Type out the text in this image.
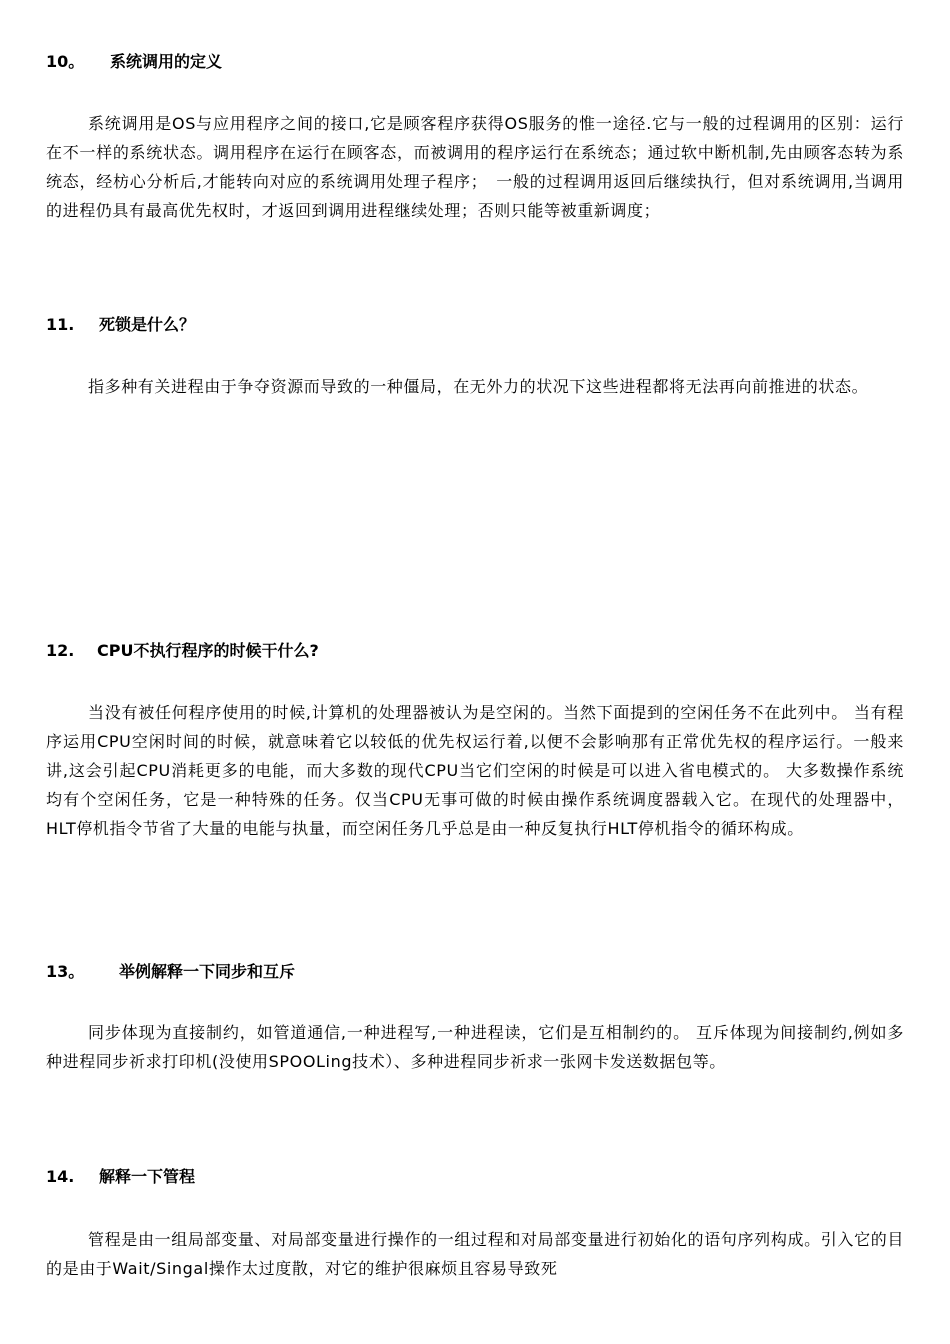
10。 系统调用的定义
系统调用是OS与应用程序之间的接口,它是顾客程序获得OS服务的惟一途径.它与一般的过程调用的区别：运行在不一样的系统状态。调用程序在运行在顾客态，而被调用的程序运行在系统态；通过软中断机制,先由顾客态转为系统态，经枋心分析后,才能转向对应的系统调用处理子程序；　一般的过程调用返回后继续执行，但对系统调用,当调用的进程仍具有最高优先权时，才返回到调用进程继续处理；否则只能等被重新调度；
11. 死锁是什么？
指多种有关进程由于争夺资源而导致的一种僵局，在无外力的状况下这些进程都将无法再向前推进的状态。
12. CPU不执行程序的时候干什么?
当没有被任何程序使用的时候,计算机的处理器被认为是空闲的。当然下面提到的空闲任务不在此列中。 当有程序运用CPU空闲时间的时候，就意味着它以较低的优先权运行着,以便不会影响那有正常优先权的程序运行。一般来讲,这会引起CPU消耗更多的电能，而大多数的现代CPU当它们空闲的时候是可以进入省电模式的。 大多数操作系统均有个空闲任务，它是一种特殊的任务。仅当CPU无事可做的时候由操作系统调度器载入它。在现代的处理器中，HLT停机指令节省了大量的电能与执量，而空闲任务几乎总是由一种反复执行HLT停机指令的循环构成。
13。 举例解释一下同步和互斥
同步体现为直接制约，如管道通信,一种进程写,一种进程读，它们是互相制约的。 互斥体现为间接制约,例如多种进程同步祈求打印机(没使用SPOOLing技术）、多种进程同步祈求一张网卡发送数据包等。
14. 解释一下管程
管程是由一组局部变量、对局部变量进行操作的一组过程和对局部变量进行初始化的语句序列构成。引入它的目的是由于Wait/Singal操作太过度散，对它的维护很麻烦且容易导致死
